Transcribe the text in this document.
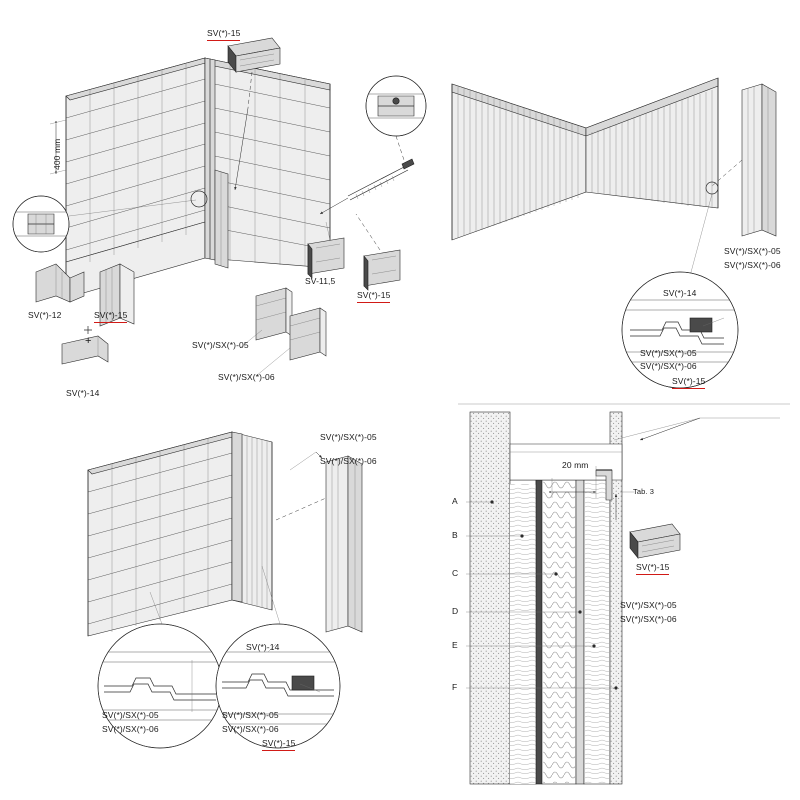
SV(*)-15
400 mm
SV(*)-12	SV(*)-15
+
SV(*)-14
SV(*)/SX(*)-05
SV(*)/SX(*)-06
SV-11,5
SV(*)-15
SV(*)/SX(*)-05
SV(*)/SX(*)-06
SV(*)-14
SV(*)/SX(*)-05
SV(*)/SX(*)-06
SV(*)-15
SV(*)/SX(*)-05
SV(*)/SX(*)-06
SV(*)/SX(*)-05
SV(*)/SX(*)-06
SV(*)-14
SV(*)/SX(*)-05
SV(*)/SX(*)-06
SV(*)-15
20 mm
Tab. 3
A
B
C
D
E
F
SV(*)-15
SV(*)/SX(*)-05
SV(*)/SX(*)-06
